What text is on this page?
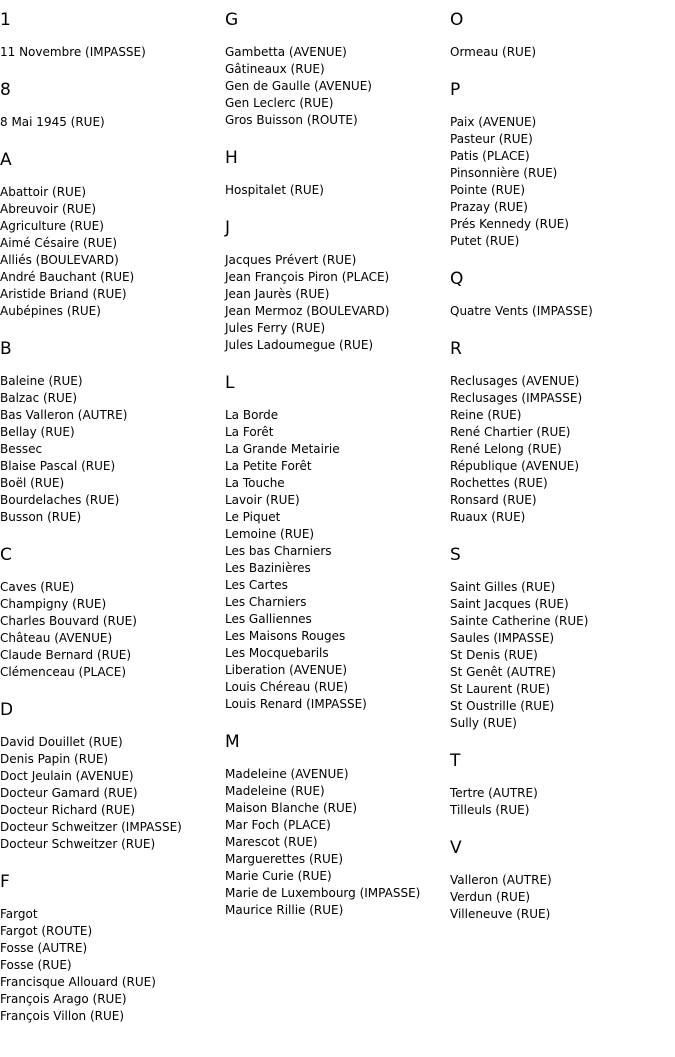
1
11 Novembre (IMPASSE)
8
8 Mai 1945 (RUE)
A
Abattoir (RUE)
Abreuvoir (RUE)
Agriculture (RUE)
Aimé Césaire (RUE)
Alliés (BOULEVARD)
André Bauchant (RUE)
Aristide Briand (RUE)
Aubépines (RUE)
B
Baleine (RUE)
Balzac (RUE)
Bas Valleron (AUTRE)
Bellay (RUE)
Bessec
Blaise Pascal (RUE)
Boël (RUE)
Bourdelaches (RUE)
Busson (RUE)
C
Caves (RUE)
Champigny (RUE)
Charles Bouvard (RUE)
Château (AVENUE)
Claude Bernard (RUE)
Clémenceau (PLACE)
D
David Douillet (RUE)
Denis Papin (RUE)
Doct Jeulain (AVENUE)
Docteur Gamard (RUE)
Docteur Richard (RUE)
Docteur Schweitzer (IMPASSE)
Docteur Schweitzer (RUE)
F
Fargot
Fargot (ROUTE)
Fosse (AUTRE)
Fosse (RUE)
Francisque Allouard (RUE)
François Arago (RUE)
François Villon (RUE)
G
Gambetta (AVENUE)
Gâtineaux (RUE)
Gen de Gaulle (AVENUE)
Gen Leclerc (RUE)
Gros Buisson (ROUTE)
H
Hospitalet (RUE)
J
Jacques Prévert (RUE)
Jean François Piron (PLACE)
Jean Jaurès (RUE)
Jean Mermoz (BOULEVARD)
Jules Ferry (RUE)
Jules Ladoumegue (RUE)
L
La Borde
La Forêt
La Grande Metairie
La Petite Forêt
La Touche
Lavoir (RUE)
Le Piquet
Lemoine (RUE)
Les bas Charniers
Les Bazinières
Les Cartes
Les Charniers
Les Galliennes
Les Maisons Rouges
Les Mocquebarils
Liberation (AVENUE)
Louis Chéreau (RUE)
Louis Renard (IMPASSE)
M
Madeleine (AVENUE)
Madeleine (RUE)
Maison Blanche (RUE)
Mar Foch (PLACE)
Marescot (RUE)
Marguerettes (RUE)
Marie Curie (RUE)
Marie de Luxembourg (IMPASSE)
Maurice Rillie (RUE)
O
Ormeau (RUE)
P
Paix (AVENUE)
Pasteur (RUE)
Patis (PLACE)
Pinsonnière (RUE)
Pointe (RUE)
Prazay (RUE)
Prés Kennedy (RUE)
Putet (RUE)
Q
Quatre Vents (IMPASSE)
R
Reclusages (AVENUE)
Reclusages (IMPASSE)
Reine (RUE)
René Chartier (RUE)
René Lelong (RUE)
République (AVENUE)
Rochettes (RUE)
Ronsard (RUE)
Ruaux (RUE)
S
Saint Gilles (RUE)
Saint Jacques (RUE)
Sainte Catherine (RUE)
Saules (IMPASSE)
St Denis (RUE)
St Genêt (AUTRE)
St Laurent (RUE)
St Oustrille (RUE)
Sully (RUE)
T
Tertre (AUTRE)
Tilleuls (RUE)
V
Valleron (AUTRE)
Verdun (RUE)
Villeneuve (RUE)
